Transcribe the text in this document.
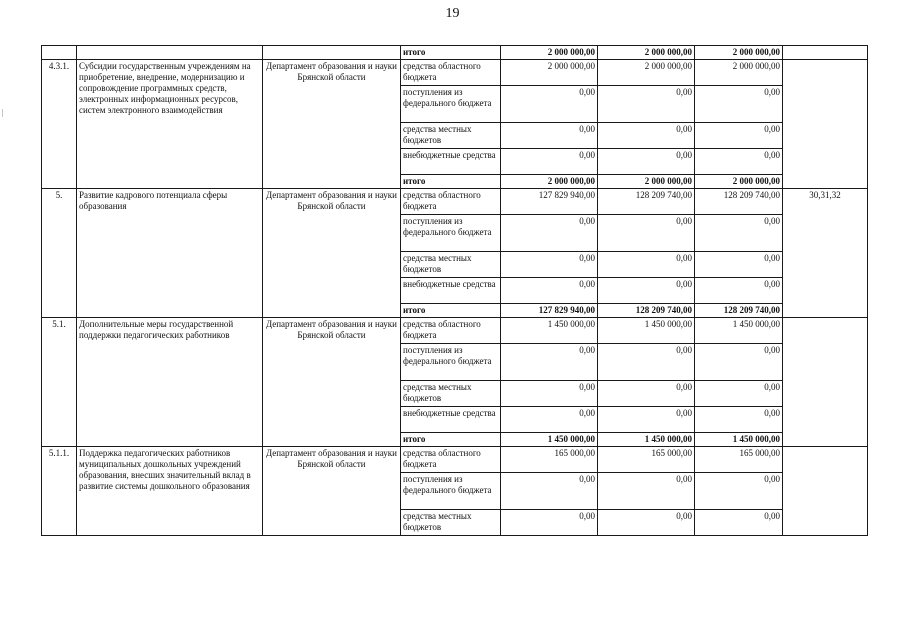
19
			итого	2 000 000,00	2 000 000,00	2 000 000,00	
4.3.1.	Субсидии государственным учреждениям на приобретение, внедрение, модернизацию и сопровождение программных средств, электронных информационных ресурсов, систем электронного взаимодействия	Департамент образования и науки Брянской области	средства областного бюджета	2 000 000,00	2 000 000,00	2 000 000,00	
			поступления из федерального бюджета	0,00	0,00	0,00	
			средства местных бюджетов	0,00	0,00	0,00	
			внебюджетные средства	0,00	0,00	0,00	
			итого	2 000 000,00	2 000 000,00	2 000 000,00	
5.	Развитие кадрового потенциала сферы образования	Департамент образования и науки Брянской области	средства областного бюджета	127 829 940,00	128 209 740,00	128 209 740,00	30,31,32
			поступления из федерального бюджета	0,00	0,00	0,00	
			средства местных бюджетов	0,00	0,00	0,00	
			внебюджетные средства	0,00	0,00	0,00	
			итого	127 829 940,00	128 209 740,00	128 209 740,00	
5.1.	Дополнительные меры государственной поддержки педагогических работников	Департамент образования и науки Брянской области	средства областного бюджета	1 450 000,00	1 450 000,00	1 450 000,00	
			поступления из федерального бюджета	0,00	0,00	0,00	
			средства местных бюджетов	0,00	0,00	0,00	
			внебюджетные средства	0,00	0,00	0,00	
			итого	1 450 000,00	1 450 000,00	1 450 000,00	
5.1.1.	Поддержка педагогических работников муниципальных дошкольных учреждений образования, внесших значительный вклад в развитие системы дошкольного образования	Департамент образования и науки Брянской области	средства областного бюджета	165 000,00	165 000,00	165 000,00	
			поступления из федерального бюджета	0,00	0,00	0,00	
			средства местных бюджетов	0,00	0,00	0,00	
|
